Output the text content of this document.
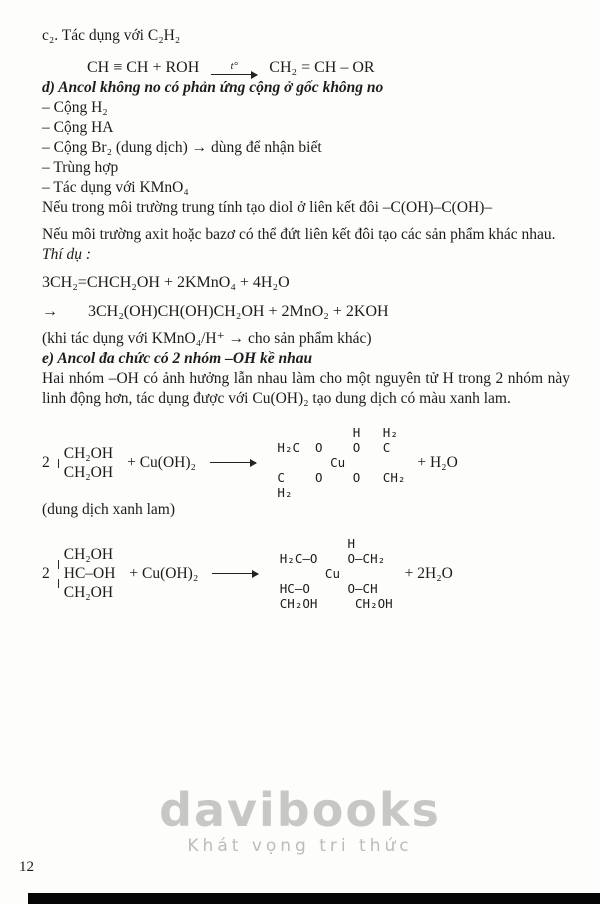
c₂. Tác dụng với C₂H₂

CH ≡ CH + ROH	t° CH₂ = CH – OR

d) Ancol không no có phản ứng cộng ở gốc không no

– Cộng H₂

– Cộng HA

– Cộng Br₂ (dung dịch) → dùng để nhận biết

– Trùng hợp

– Tác dụng với KMnO₄

Nếu trong môi trường trung tính tạo diol ở liên kết đôi –C(OH)–C(OH)–

Nếu môi trường axit hoặc bazơ có thể đứt liên kết đôi tạo các sản phẩm khác nhau.

Thí dụ :

3CH₂=CHCH₂OH + 2KMnO₄ + 4H₂O

→ 3CH₂(OH)CH(OH)CH₂OH + 2MnO₂ + 2KOH

(khi tác dụng với KMnO₄/H⁺ → cho sản phẩm khác)

e) Ancol đa chức có 2 nhóm –OH kề nhau

Hai nhóm –OH có ảnh hưởng lẫn nhau làm cho một nguyên tử H trong 2 nhóm này linh động hơn, tác dụng được với Cu(OH)₂ tạo dung dịch có màu xanh lam.

2
CH₂OH
CH₂OH
+ Cu(OH)₂
H   H₂
H₂C  O    O   C
Cu
C    O    O   CH₂
H₂
+ H₂O

(dung dịch xanh lam)

2
CH₂OH
HC–OH
CH₂OH
+ Cu(OH)₂
H
H₂C–O    O–CH₂
Cu
HC–O     O–CH
CH₂OH     CH₂OH
+ 2H₂O
davibooks
Khát vọng tri thức
12
